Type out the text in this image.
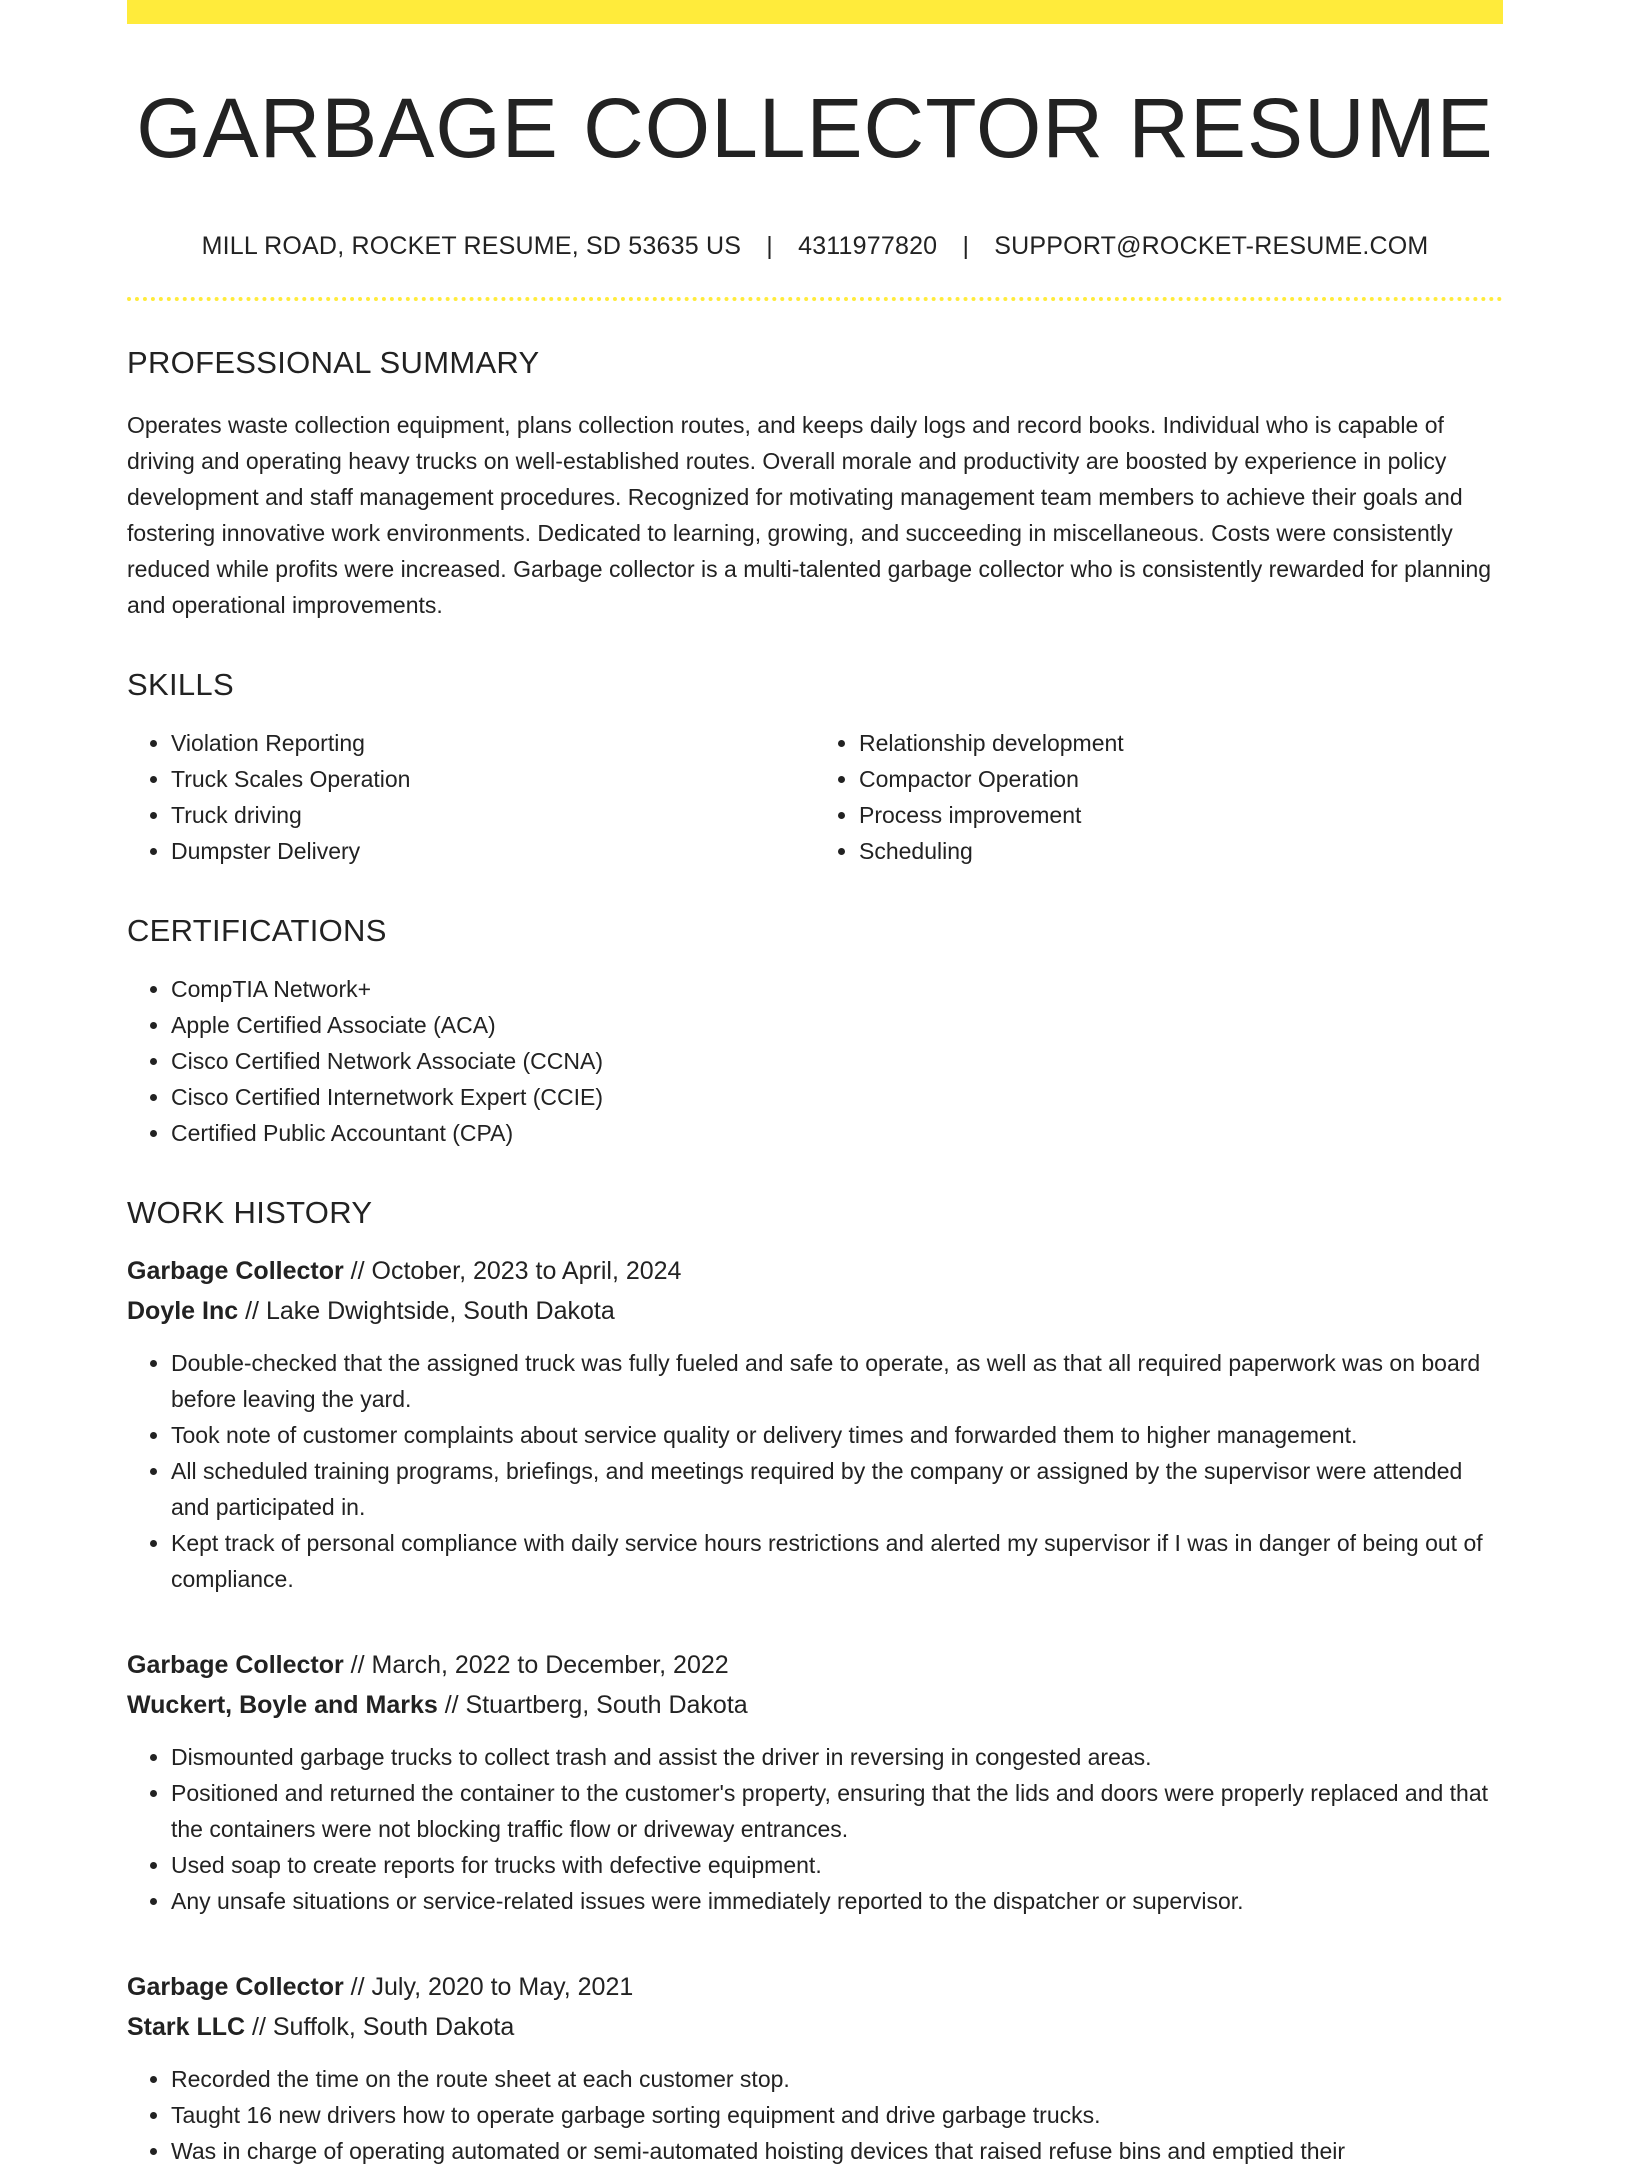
GARBAGE COLLECTOR RESUME
MILL ROAD, ROCKET RESUME, SD 53635 US | 4311977820 | SUPPORT@ROCKET-RESUME.COM
PROFESSIONAL SUMMARY

Operates waste collection equipment, plans collection routes, and keeps daily logs and record books. Individual who is capable of driving and operating heavy trucks on well-established routes. Overall morale and productivity are boosted by experience in policy development and staff management procedures. Recognized for motivating management team members to achieve their goals and fostering innovative work environments. Dedicated to learning, growing, and succeeding in miscellaneous. Costs were consistently reduced while profits were increased. Garbage collector is a multi-talented garbage collector who is consistently rewarded for planning and operational improvements.

SKILLS
• Violation Reporting
• Truck Scales Operation
• Truck driving
• Dumpster Delivery
• Relationship development
• Compactor Operation
• Process improvement
• Scheduling
CERTIFICATIONS
• CompTIA Network+
• Apple Certified Associate (ACA)
• Cisco Certified Network Associate (CCNA)
• Cisco Certified Internetwork Expert (CCIE)
• Certified Public Accountant (CPA)
WORK HISTORY
Garbage Collector // October, 2023 to April, 2024
Doyle Inc // Lake Dwightside, South Dakota
• Double-checked that the assigned truck was fully fueled and safe to operate, as well as that all required paperwork was on board before leaving the yard.
• Took note of customer complaints about service quality or delivery times and forwarded them to higher management.
• All scheduled training programs, briefings, and meetings required by the company or assigned by the supervisor were attended and participated in.
• Kept track of personal compliance with daily service hours restrictions and alerted my supervisor if I was in danger of being out of compliance.
Garbage Collector // March, 2022 to December, 2022
Wuckert, Boyle and Marks // Stuartberg, South Dakota
• Dismounted garbage trucks to collect trash and assist the driver in reversing in congested areas.
• Positioned and returned the container to the customer's property, ensuring that the lids and doors were properly replaced and that the containers were not blocking traffic flow or driveway entrances.
• Used soap to create reports for trucks with defective equipment.
• Any unsafe situations or service-related issues were immediately reported to the dispatcher or supervisor.
Garbage Collector // July, 2020 to May, 2021
Stark LLC // Suffolk, South Dakota
• Recorded the time on the route sheet at each customer stop.
• Taught 16 new drivers how to operate garbage sorting equipment and drive garbage trucks.
• Was in charge of operating automated or semi-automated hoisting devices that raised refuse bins and emptied their
